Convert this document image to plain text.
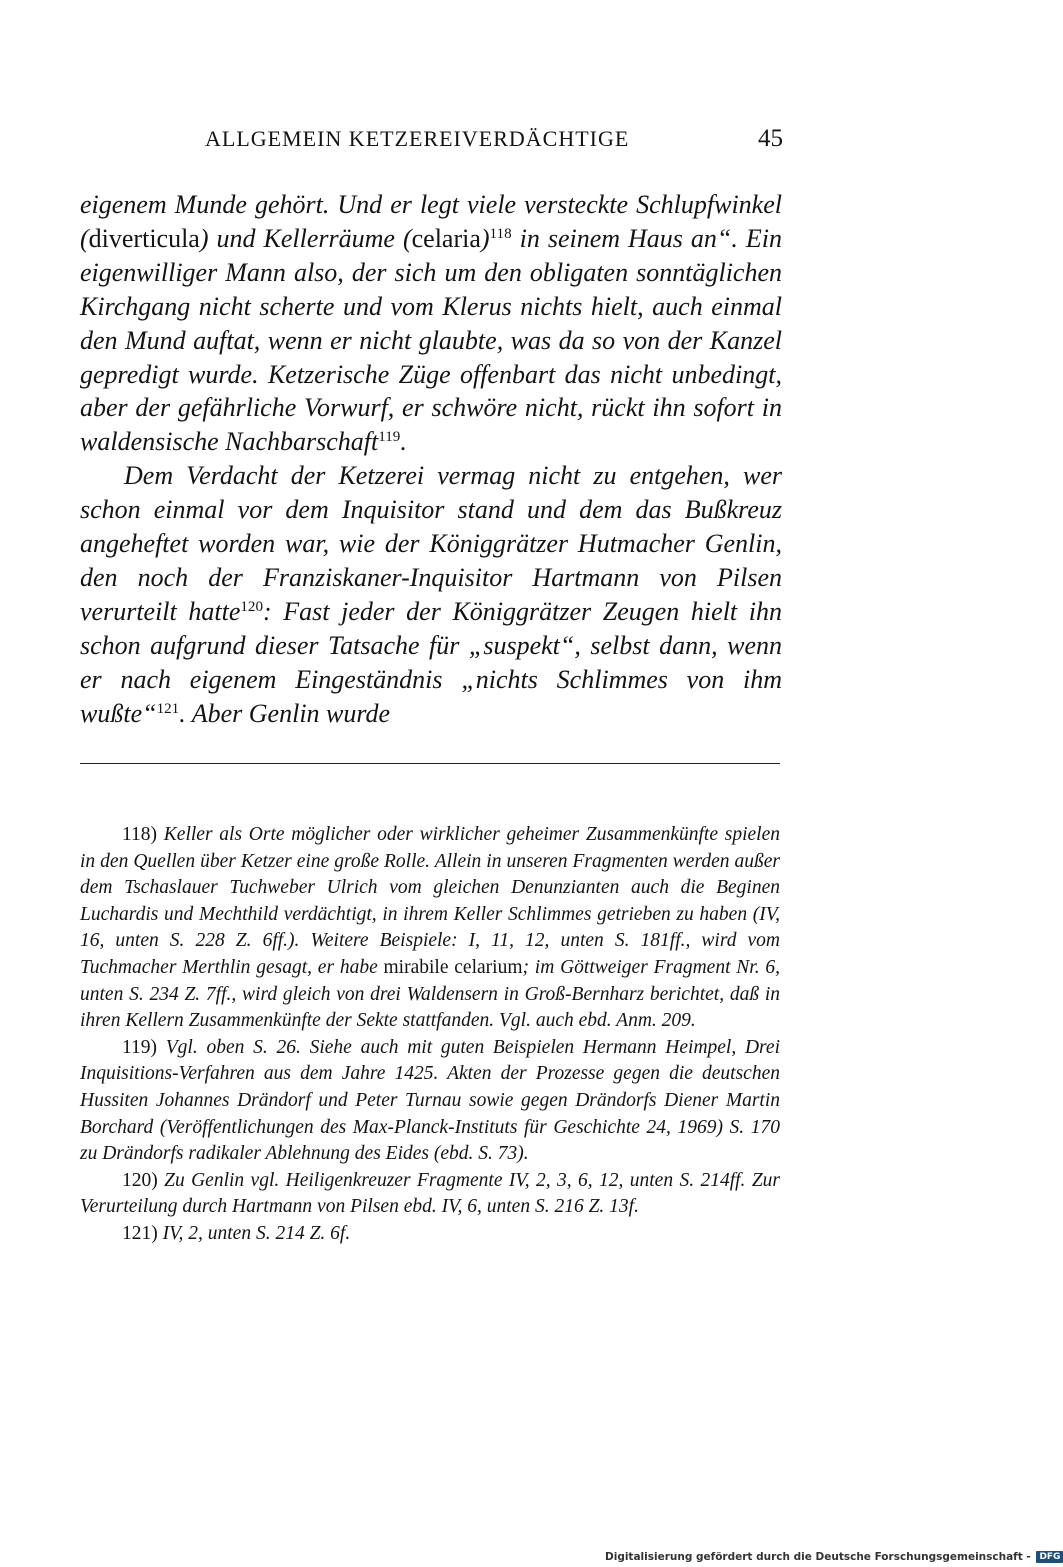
ALLGEMEIN KETZEREIVERDÄCHTIGE	45

eigenem Munde gehört. Und er legt viele versteckte Schlupfwinkel (diverticula) und Kellerräume (celaria)$^{118}$ in seinem Haus an“. Ein eigenwilliger Mann also, der sich um den obligaten sonntäglichen Kirchgang nicht scherte und vom Klerus nichts hielt, auch einmal den Mund auftat, wenn er nicht glaubte, was da so von der Kanzel gepredigt wurde. Ketzerische Züge offenbart das nicht unbedingt, aber der gefährliche Vorwurf, er schwöre nicht, rückt ihn sofort in waldensische Nachbarschaft$^{119}$.

Dem Verdacht der Ketzerei vermag nicht zu entgehen, wer schon einmal vor dem Inquisitor stand und dem das Bußkreuz angeheftet worden war, wie der Königgrätzer Hutmacher Genlin, den noch der Franziskaner-Inquisitor Hartmann von Pilsen verurteilt hatte$^{120}$: Fast jeder der Königgrätzer Zeugen hielt ihn schon aufgrund dieser Tatsache für „suspekt“, selbst dann, wenn er nach eigenem Eingeständnis „nichts Schlimmes von ihm wußte“$^{121}$. Aber Genlin wurde

118) Keller als Orte möglicher oder wirklicher geheimer Zusammenkünfte spielen in den Quellen über Ketzer eine große Rolle. Allein in unseren Fragmenten werden außer dem Tschaslauer Tuchweber Ulrich vom gleichen Denunzianten auch die Beginen Luchardis und Mechthild verdächtigt, in ihrem Keller Schlimmes getrieben zu haben (IV, 16, unten S. 228 Z. 6ff.). Weitere Beispiele: I, 11, 12, unten S. 181ff., wird vom Tuchmacher Merthlin gesagt, er habe mirabile celarium; im Göttweiger Fragment Nr. 6, unten S. 234 Z. 7ff., wird gleich von drei Waldensern in Groß-Bernharz berichtet, daß in ihren Kellern Zusammenkünfte der Sekte stattfanden. Vgl. auch ebd. Anm. 209.

119) Vgl. oben S. 26. Siehe auch mit guten Beispielen Hermann Heimpel, Drei Inquisitions-Verfahren aus dem Jahre 1425. Akten der Prozesse gegen die deutschen Hussiten Johannes Drändorf und Peter Turnau sowie gegen Drändorfs Diener Martin Borchard (Veröffentlichungen des Max-Planck-Instituts für Geschichte 24, 1969) S. 170 zu Drändorfs radikaler Ablehnung des Eides (ebd. S. 73).

120) Zu Genlin vgl. Heiligenkreuzer Fragmente IV, 2, 3, 6, 12, unten S. 214ff. Zur Verurteilung durch Hartmann von Pilsen ebd. IV, 6, unten S. 216 Z. 13f.

121) IV, 2, unten S. 214 Z. 6f.

Digitalisierung gefördert durch die Deutsche Forschungsgemeinschaft - DFG
